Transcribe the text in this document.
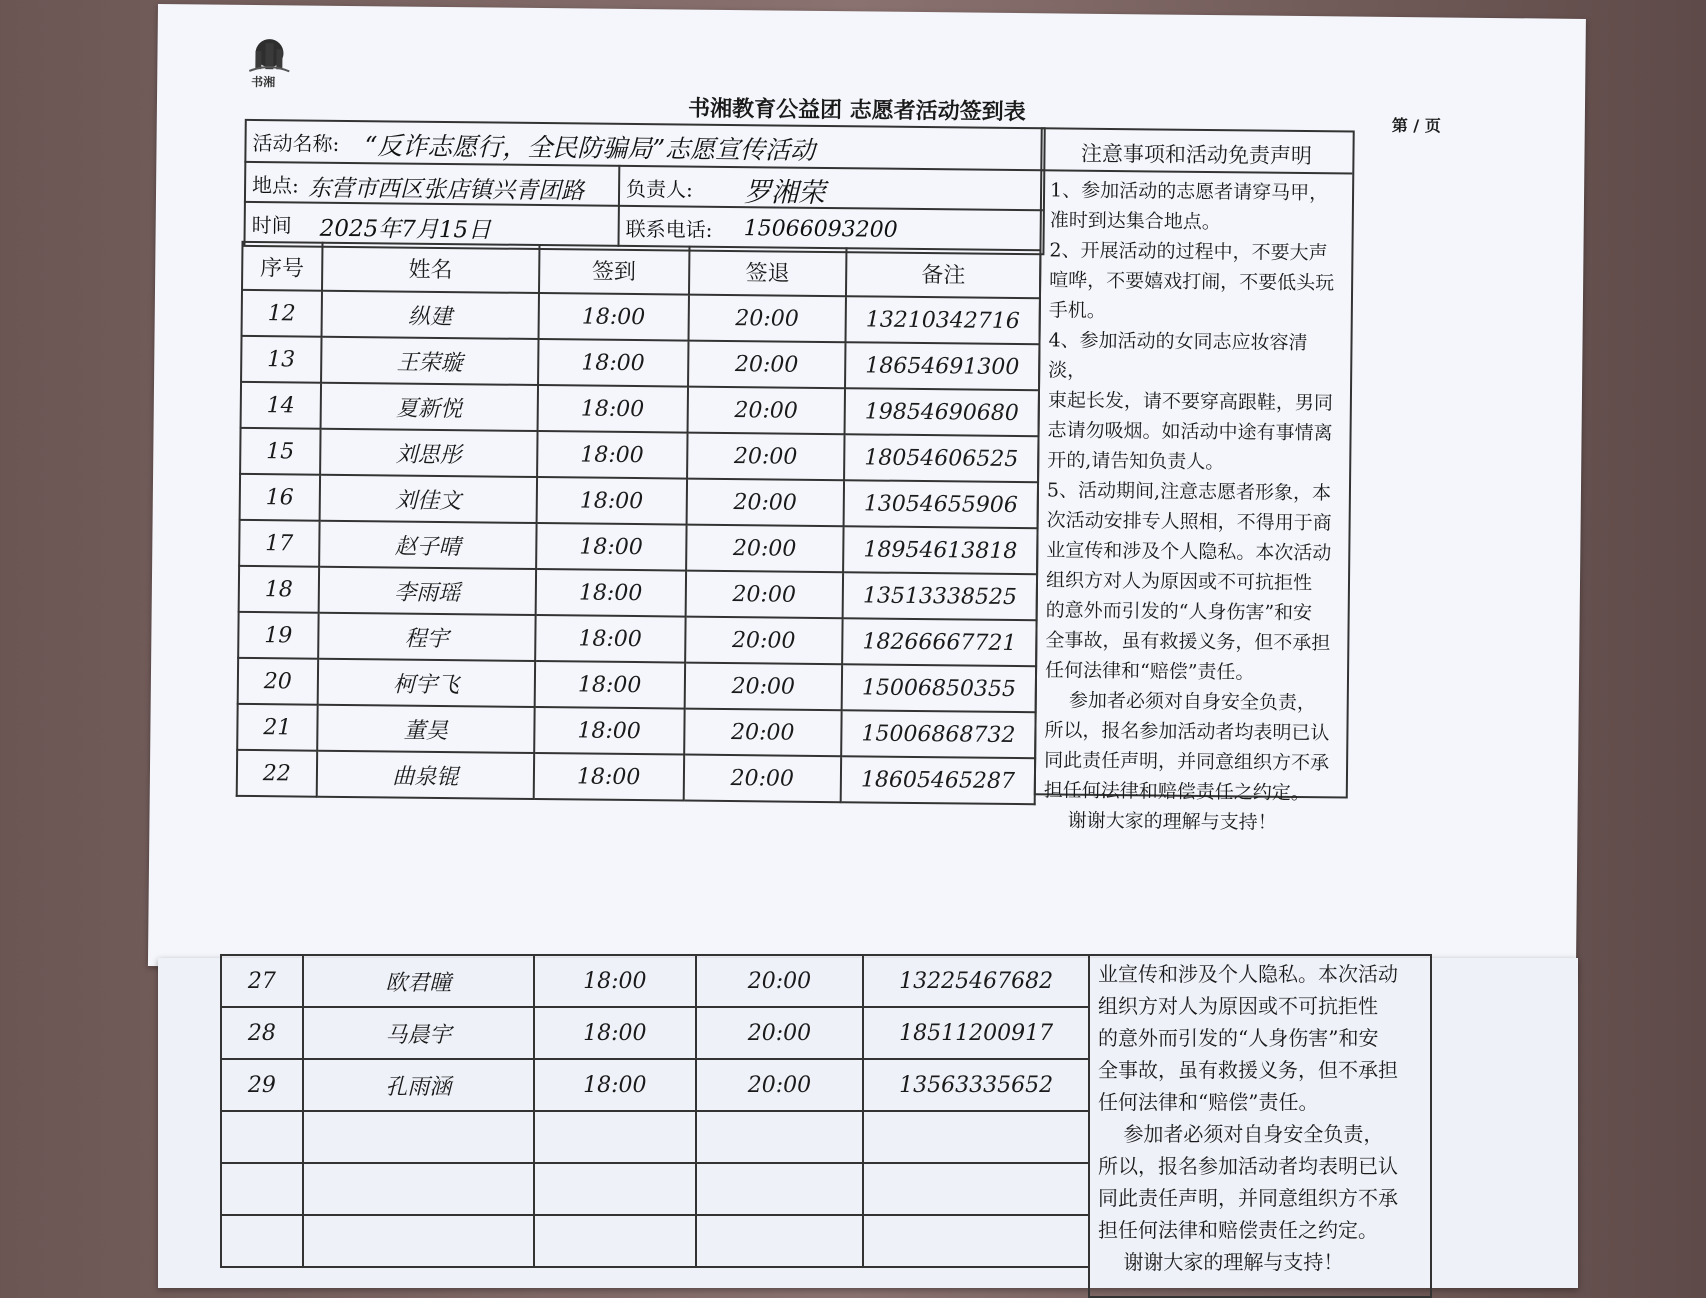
书湘
书湘教育公益团 志愿者活动签到表
第 / 页
活动名称: “反诈志愿行，全民防骗局”志愿宣传活动
地点: 东营市西区张店镇兴青团路 负责人: 罗湘荣
时间 2025年7月15日	联系电话: 15066093200
序号	姓名	签到	签退	备注
12	纵建	18:00	20:00	13210342716
13	王荣璇	18:00	20:00	18654691300
14	夏新悦	18:00	20:00	19854690680
15	刘思彤	18:00	20:00	18054606525
16	刘佳文	18:00	20:00	13054655906
17	赵子晴	18:00	20:00	18954613818
18	李雨瑶	18:00	20:00	13513338525
19	程宇	18:00	20:00	18266667721
20	柯宇飞	18:00	20:00	15006850355
21	董昊	18:00	20:00	15006868732
22	曲泉锟	18:00	20:00	18605465287
注意事项和活动免责声明
1、参加活动的志愿者请穿马甲，
准时到达集合地点。
2、开展活动的过程中，不要大声
喧哗，不要嬉戏打闹，不要低头玩
手机。
4、参加活动的女同志应妆容清淡，
束起长发，请不要穿高跟鞋，男同
志请勿吸烟。如活动中途有事情离
开的,请告知负责人。
5、活动期间,注意志愿者形象，本
次活动安排专人照相，不得用于商
业宣传和涉及个人隐私。本次活动
组织方对人为原因或不可抗拒性
的意外而引发的“人身伤害”和安
全事故，虽有救援义务，但不承担
任何法律和“赔偿”责任。
参加者必须对自身安全负责，
所以，报名参加活动者均表明已认
同此责任声明，并同意组织方不承
担任何法律和赔偿责任之约定。
谢谢大家的理解与支持！
27	欧君瞳	18:00	20:00	13225467682
28	马晨宇	18:00	20:00	18511200917
29	孔雨涵	18:00	20:00	13563335652

业宣传和涉及个人隐私。本次活动
组织方对人为原因或不可抗拒性
的意外而引发的“人身伤害”和安
全事故，虽有救援义务，但不承担
任何法律和“赔偿”责任。
参加者必须对自身安全负责，
所以，报名参加活动者均表明已认
同此责任声明，并同意组织方不承
担任何法律和赔偿责任之约定。
谢谢大家的理解与支持！
